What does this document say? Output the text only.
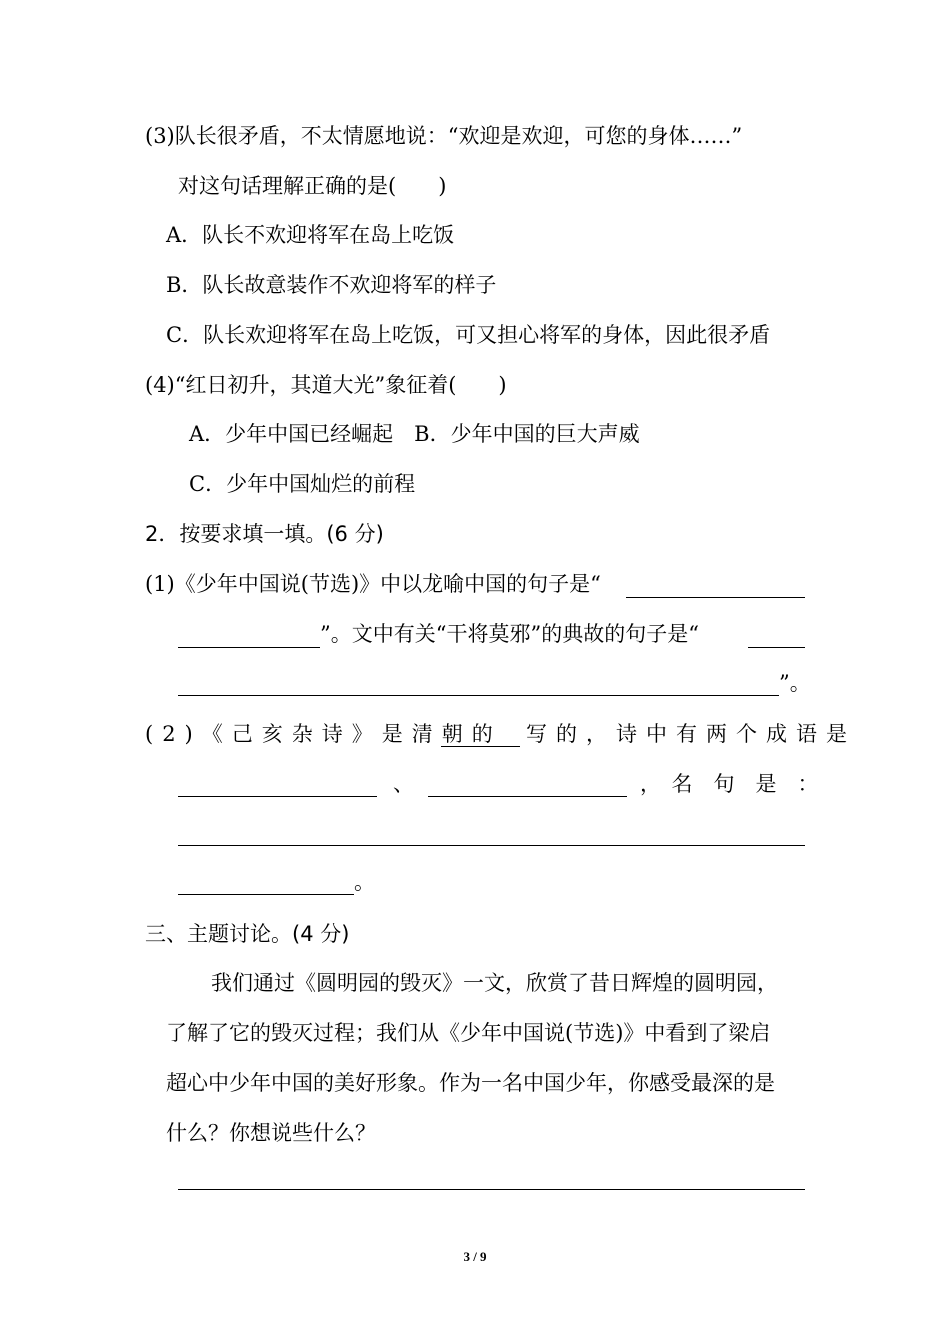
(3)队长很矛盾，不太情愿地说：“欢迎是欢迎，可您的身体……”
对这句话理解正确的是(　　)
A．队长不欢迎将军在岛上吃饭
B．队长故意装作不欢迎将军的样子
C．队长欢迎将军在岛上吃饭，可又担心将军的身体，因此很矛盾
(4)“红日初升，其道大光”象征着(　　)
A．少年中国已经崛起　B．少年中国的巨大声威
C．少年中国灿烂的前程
2．按要求填一填。(6 分)
(1)《少年中国说(节选)》中以龙喻中国的句子是“
”。文中有关“干将莫邪”的典故的句子是“
”。
(2)《己亥杂诗》是清朝的 写的，诗中有两个成语是
、	，　名　句　是　：
。
三、主题讨论。(4 分)
我们通过《圆明园的毁灭》一文，欣赏了昔日辉煌的圆明园，
了解了它的毁灭过程；我们从《少年中国说(节选)》中看到了梁启
超心中少年中国的美好形象。作为一名中国少年，你感受最深的是
什么？你想说些什么？
3 / 9
